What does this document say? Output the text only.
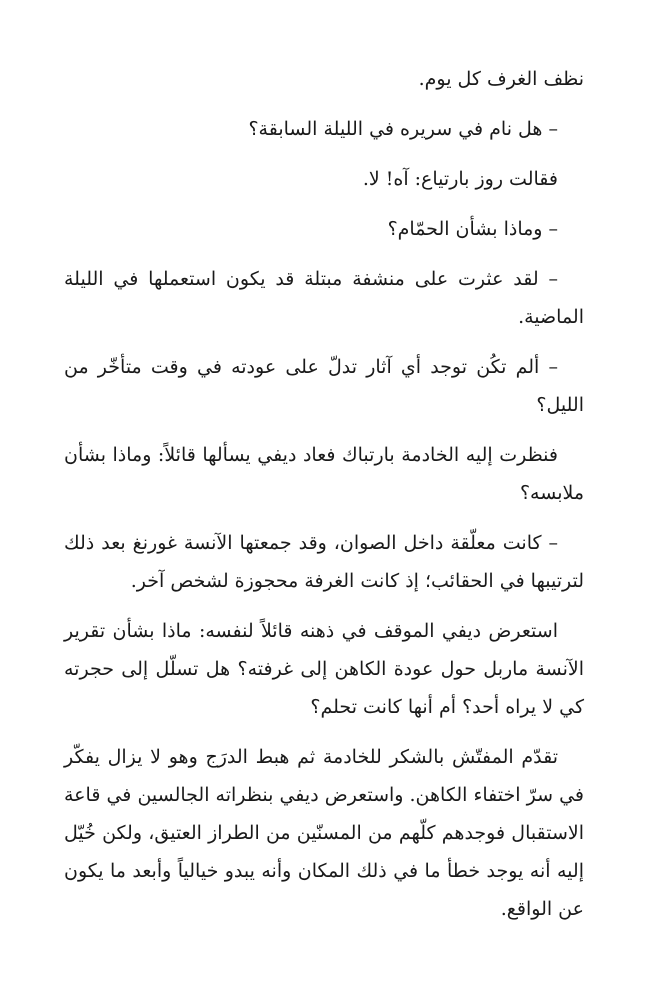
نظف الغرف كل يوم.

– هل نام في سريره في الليلة السابقة؟

فقالت روز بارتياع: آه! لا.

– وماذا بشأن الحمّام؟

– لقد عثرت على منشفة مبتلة قد يكون استعملها في الليلة الماضية.

– ألم تكُن توجد أي آثار تدلّ على عودته في وقت متأخّر من الليل؟

فنظرت إليه الخادمة بارتباك فعاد ديفي يسألها قائلاً: وماذا بشأن ملابسه؟

– كانت معلّقة داخل الصوان، وقد جمعتها الآنسة غورنغ بعد ذلك لترتيبها في الحقائب؛ إذ كانت الغرفة محجوزة لشخص آخر.

استعرض ديفي الموقف في ذهنه قائلاً لنفسه: ماذا بشأن تقرير الآنسة ماربل حول عودة الكاهن إلى غرفته؟ هل تسلّل إلى حجرته كي لا يراه أحد؟ أم أنها كانت تحلم؟

تقدّم المفتّش بالشكر للخادمة ثم هبط الدرَج وهو لا يزال يفكّر في سرّ اختفاء الكاهن. واستعرض ديفي بنظراته الجالسين في قاعة الاستقبال فوجدهم كلّهم من المسنّين من الطراز العتيق، ولكن خُيّل إليه أنه يوجد خطأ ما في ذلك المكان وأنه يبدو خيالياً وأبعد ما يكون عن الواقع.
